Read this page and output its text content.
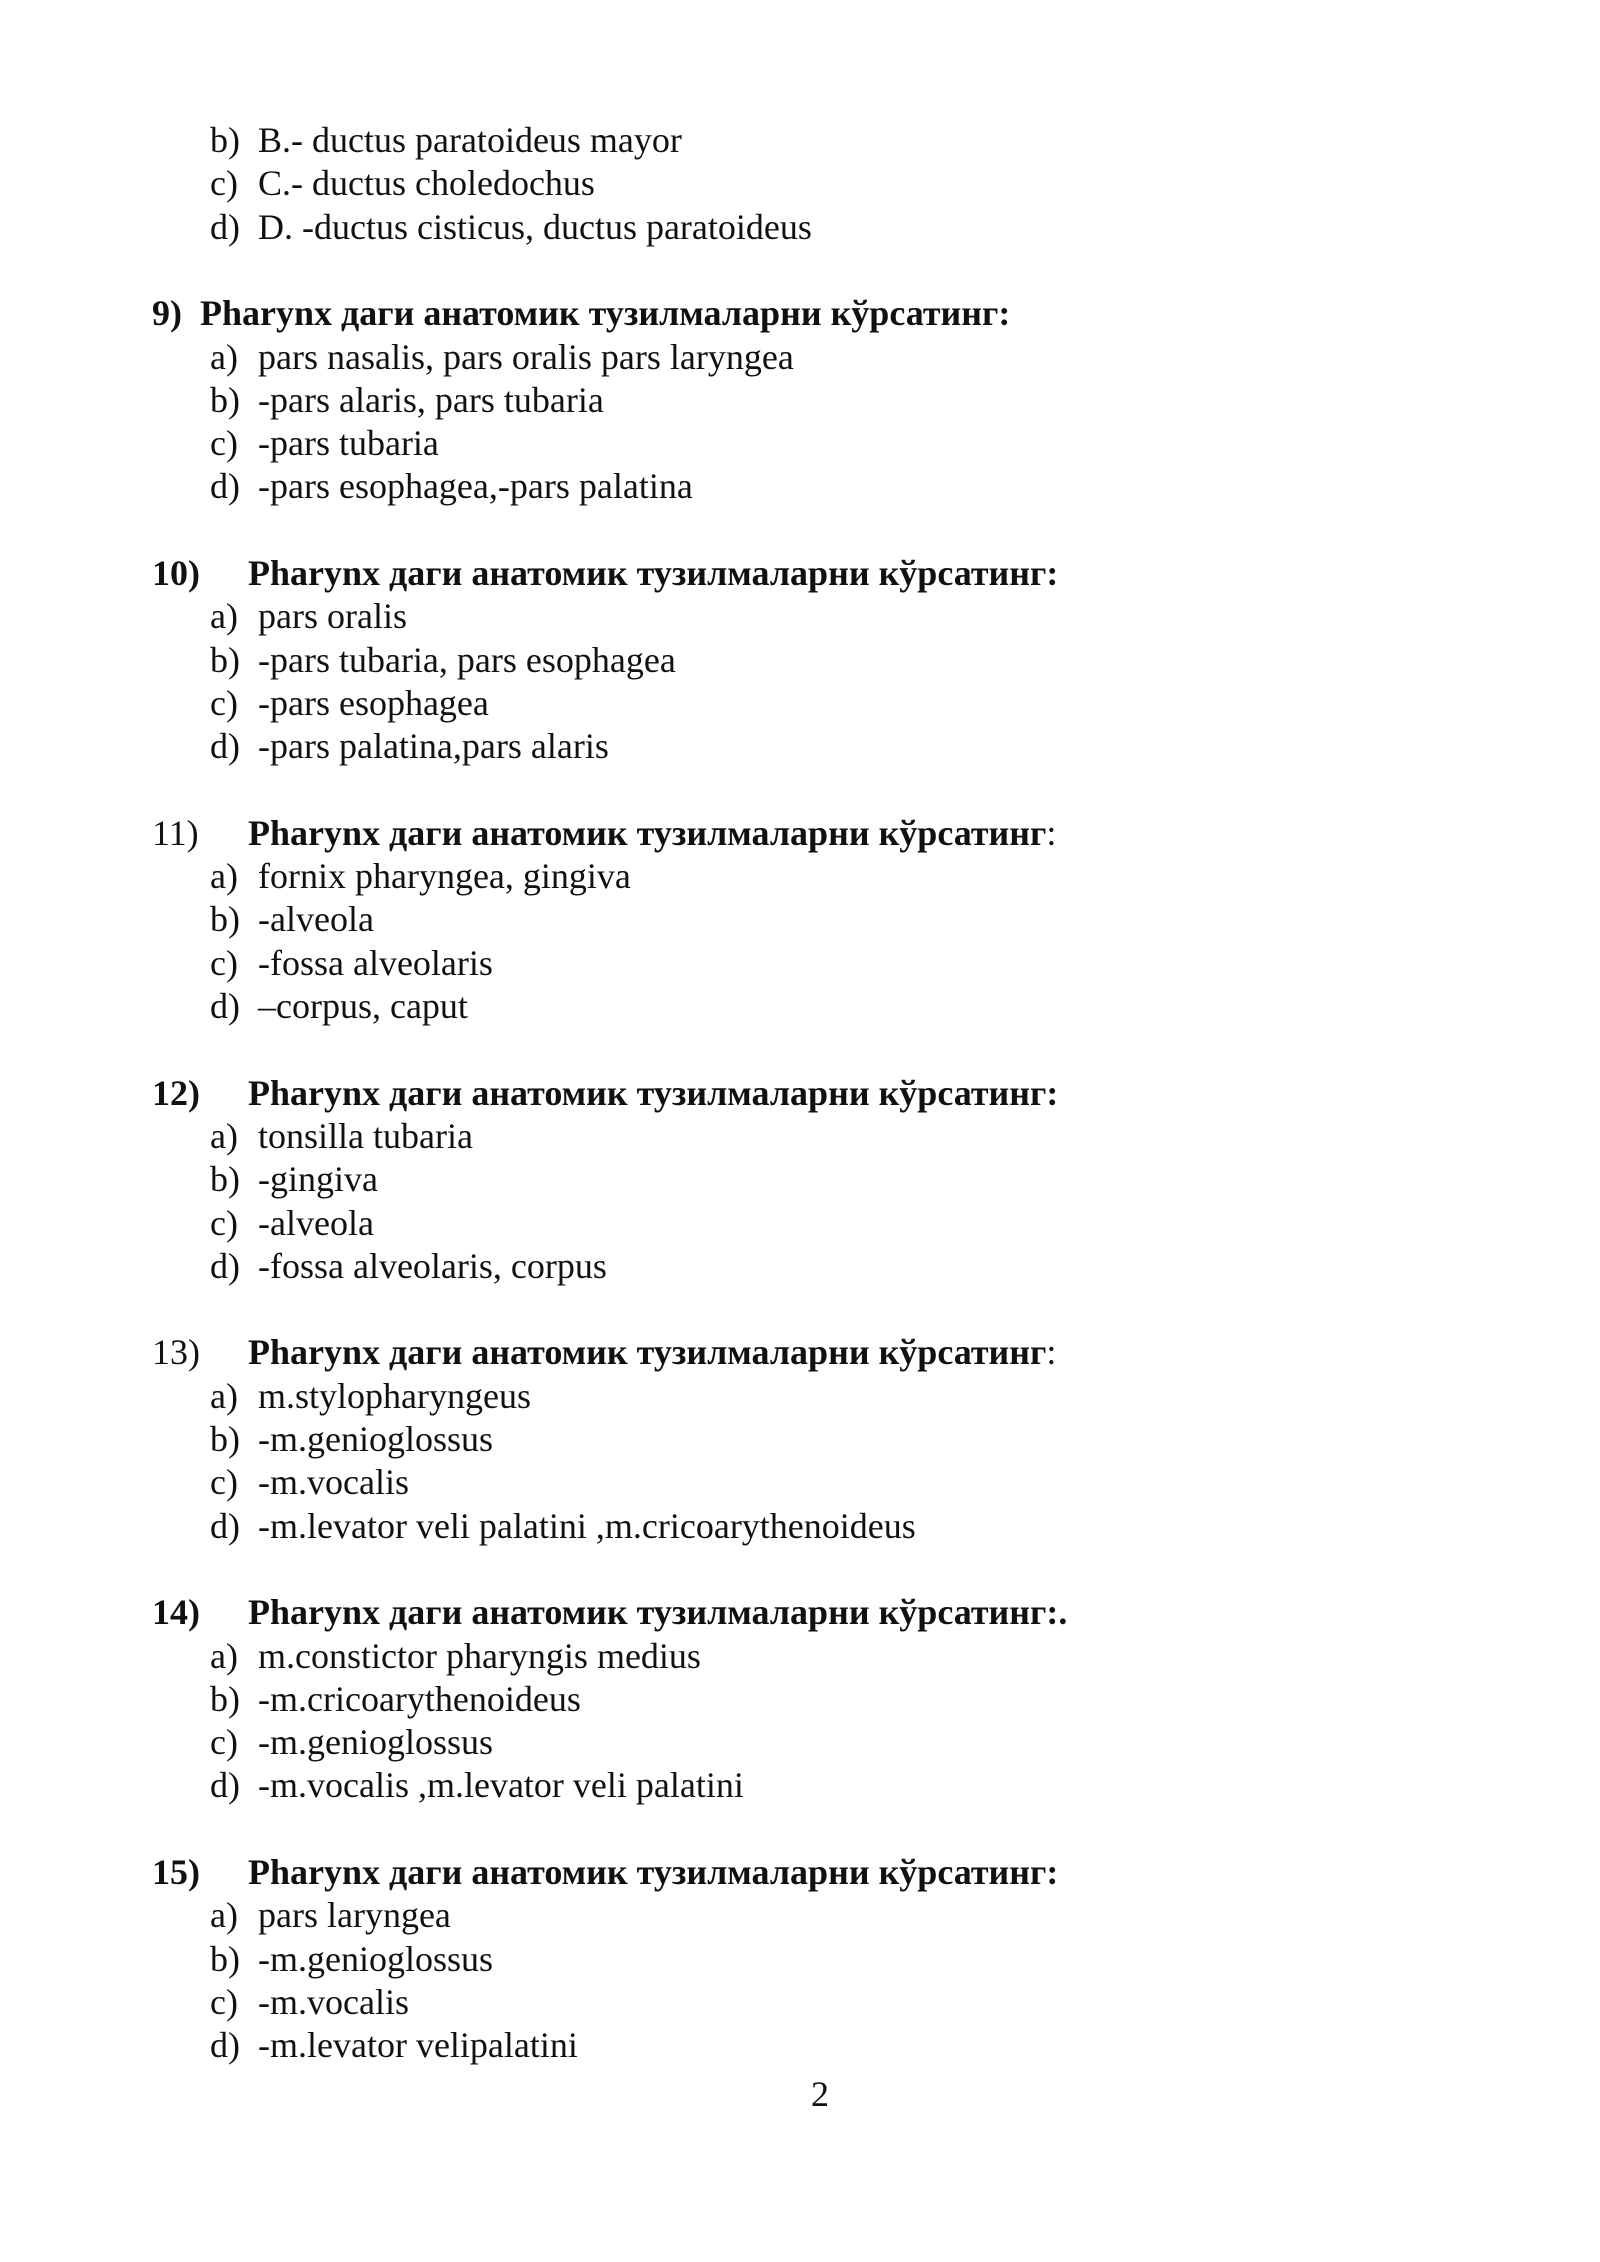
b) B.- ductus paratoideus mayor
c) C.- ductus choledochus
d) D. -ductus cisticus, ductus paratoideus
9) Pharynx даги анатомик тузилмаларни кўрсатинг:
a) pars nasalis, pars oralis pars laryngea
b) -pars alaris, pars tubaria
c) -pars tubaria
d) -pars esophagea,-pars palatina
10) Pharynx даги анатомик тузилмаларни кўрсатинг:
a) pars oralis
b) -pars tubaria, pars esophagea
c) -pars esophagea
d) -pars palatina,pars alaris
11) Pharynx даги анатомик тузилмаларни кўрсатинг:
a) fornix pharyngea, gingiva
b) -alveola
c) -fossa alveolaris
d) –corpus, caput
12) Pharynx даги анатомик тузилмаларни кўрсатинг:
a) tonsilla tubaria
b) -gingiva
c) -alveola
d) -fossa alveolaris, corpus
13) Pharynx даги анатомик тузилмаларни кўрсатинг:
a) m.stylopharyngeus
b) -m.genioglossus
c) -m.vocalis
d) -m.levator veli palatini ,m.cricoarythenoideus
14) Pharynx даги анатомик тузилмаларни кўрсатинг:.
a) m.constictor pharyngis medius
b) -m.cricoarythenoideus
c) -m.genioglossus
d) -m.vocalis ,m.levator veli palatini
15) Pharynx даги анатомик тузилмаларни кўрсатинг:
a) pars laryngea
b) -m.genioglossus
c) -m.vocalis
d) -m.levator velipalatini
2
